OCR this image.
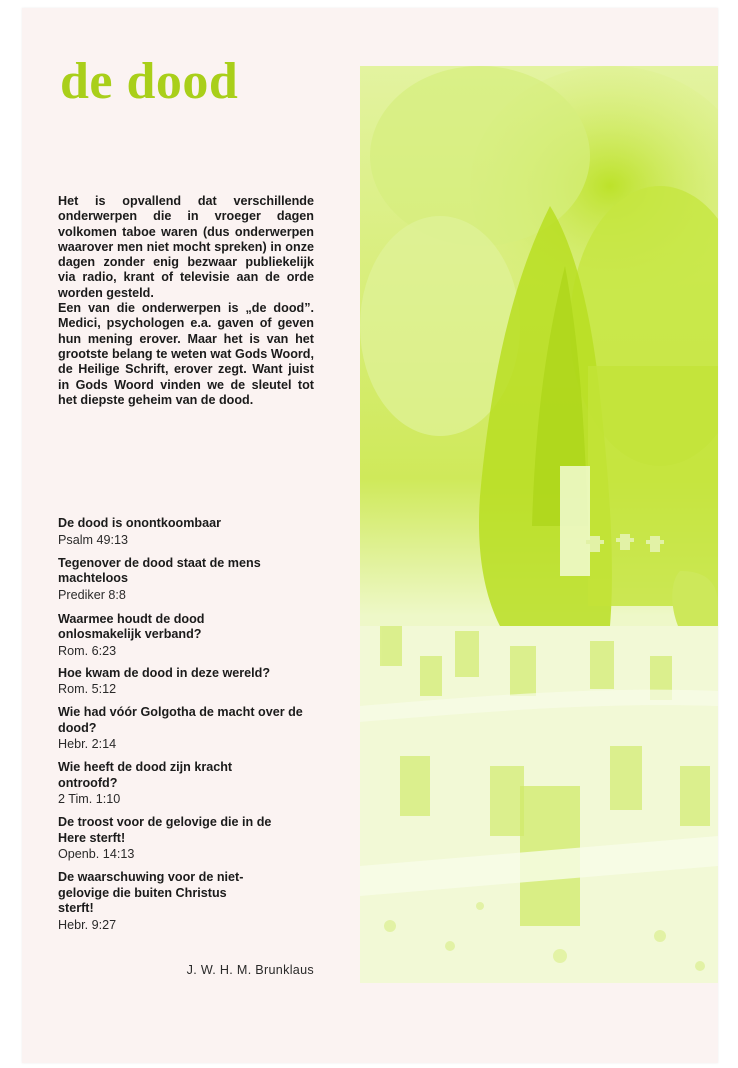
de dood

Het is opvallend dat verschillende onderwerpen die in vroeger dagen volkomen taboe waren (dus onderwerpen waarover men niet mocht spreken) in onze dagen zonder enig bezwaar publiekelijk via radio, krant of televisie aan de orde worden gesteld.

Een van die onderwerpen is „de dood”. Medici, psychologen e.a. gaven of geven hun mening erover. Maar het is van het grootste belang te weten wat Gods Woord, de Heilige Schrift, erover zegt. Want juist in Gods Woord vinden we de sleutel tot het diepste geheim van de dood.

De dood is onontkoombaar
Psalm 49:13
Tegenover de dood staat de mens machteloos
Prediker 8:8
Waarmee houdt de dood onlosmakelijk verband?
Rom. 6:23
Hoe kwam de dood in deze wereld?
Rom. 5:12
Wie had vóór Golgotha de macht over de dood?
Hebr. 2:14
Wie heeft de dood zijn kracht ontroofd?
2 Tim. 1:10
De troost voor de gelovige die in de Here sterft!
Openb. 14:13
De waarschuwing voor de niet-gelovige die buiten Christus sterft!
Hebr. 9:27
J. W. H. M. Brunklaus
